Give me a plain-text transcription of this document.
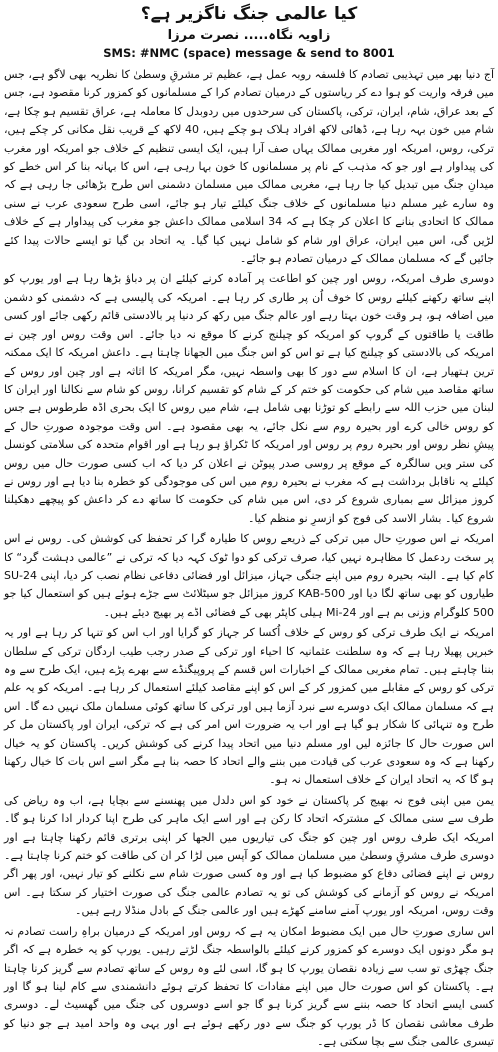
کیا عالمی جنگ ناگزیر ہے؟
زاویہ نگاہ..... نصرت مرزا
SMS: #NMC (space) message & send to 8001

آج دنیا بھر میں تہذیبی تصادم کا فلسفہ روبہ عمل ہے، عظیم تر مشرقِ وسطیٰ کا نظریہ بھی لاگو ہے، جس میں فرقہ واریت کو ہوا دے کر ریاستوں کے درمیان تصادم کرا کے مسلمانوں کو کمزور کرنا مقصود ہے، جس کے بعد عراق، شام، ایران، ترکی، پاکستان کی سرحدوں میں ردوبدل کا معاملہ ہے، عراق تقسیم ہو چکا ہے، شام میں خون بہہ رہا ہے، ڈھائی لاکھ افراد ہلاک ہو چکے ہیں، 40 لاکھ کے قریب نقل مکانی کر چکے ہیں، ترکی، روس، امریکہ اور مغربی ممالک یہاں صف آرا ہیں، ایک ایسی تنظیم کے خلاف جو امریکہ اور مغرب کی پیداوار ہے اور جو کہ مذہب کے نام پر مسلمانوں کا خون بہا رہی ہے، اس کا بہانہ بنا کر اس خطے کو میدانِ جنگ میں تبدیل کیا جا رہا ہے، مغربی ممالک میں مسلمان دشمنی اس طرح بڑھائی جا رہی ہے کہ وہ سارے غیر مسلم دنیا مسلمانوں کے خلاف جنگ کیلئے تیار ہو جائے، اسی طرح سعودی عرب نے سنی ممالک کا اتحادی بنانے کا اعلان کر چکا ہے کہ 34 اسلامی ممالک داعش جو مغرب کی پیداوار ہے کے خلاف لڑیں گی، اس میں ایران، عراق اور شام کو شامل نہیں کیا گیا۔ یہ اتحاد بن گیا تو ایسے حالات پیدا کئے جائیں گے کہ مسلمان ممالک کے درمیان تصادم ہو جائے۔

دوسری طرف امریکہ، روس اور چین کو اطاعت پر آمادہ کرنے کیلئے ان پر دباؤ بڑھا رہا ہے اور یورپ کو اپنے ساتھ رکھنے کیلئے روس کا خوف اُن پر طاری کر رہا ہے۔ امریکہ کی پالیسی ہے کہ دشمنی کو دشمن میں اضافہ ہو، ہر وقت خون بہتا رہے اور عالم جنگ میں رکھ کر دنیا پر بالادستی قائم رکھی جائے اور کسی طاقت یا طاقتوں کے گروپ کو امریکہ کو چیلنج کرنے کا موقع نہ دیا جائے۔ اس وقت روس اور چین نے امریکہ کی بالادستی کو چیلنج کیا ہے تو اس کو اس جنگ میں الجھانا چاہتا ہے۔ داعش امریکہ کا ایک ممکنہ ترین ہتھیار ہے، ان کا اسلام سے دور کا بھی واسطہ نہیں، مگر امریکہ کا اثاثہ ہے اور چین اور روس کے ساتھ مقاصد میں شام کی حکومت کو ختم کر کے شام کو تقسیم کرانا، روس کو شام سے نکالنا اور ایران کا لبنان میں حزب اللہ سے رابطے کو توڑنا بھی شامل ہے، شام میں روس کا ایک بحری اڈہ طرطوس ہے جس کو روس خالی کرے اور بحیرہ روم سے نکل جائے، یہ بھی مقصود ہے۔ اس وقت موجودہ صورتِ حال کے پیشِ نظر روس اور بحیرہ روم پر روس اور امریکہ کا ٹکراؤ ہو رہا ہے اور اقوام متحدہ کی سلامتی کونسل کی ستر ویں سالگرہ کے موقع پر روسی صدر پیوٹن نے اعلان کر دیا کہ اب کسی صورت حال میں روس کیلئے یہ ناقابل برداشت ہے کہ مغرب نے بحیرہ روم میں اس کی موجودگی کو خطرہ بنا دیا ہے اور روس نے کروز میزائل سے بمباری شروع کر دی، اس میں شام کی حکومت کا ساتھ دے کر داعش کو پیچھے دھکیلنا شروع کیا۔ بشار الاسد کی فوج کو ازسرِ نو منظم کیا۔

امریکہ نے اس صورتِ حال میں ترکی کے ذریعے روس کا طیارہ گرا کر تحفظ کی کوشش کی۔ روس نے اس پر سخت ردعمل کا مظاہرہ نہیں کیا، صرف ترکی کو دوا ٹوک کہہ دیا کہ ترکی نے ”عالمی دہشت گرد“ کا کام کیا ہے۔ البتہ بحیرہ روم میں اپنے جنگی جہاز، میزائل اور فضائی دفاعی نظام نصب کر دیا، اپنی SU-24 طیاروں کو بھی ساتھ لگا دیا اور KAB-500 کروز میزائل جو سیٹلائٹ سے جڑے ہوئے ہیں کو استعمال کیا جو 500 کلوگرام وزنی بم ہے اور Mi-24 ہیلی کاپٹر بھی کے فضائی اڈے پر بھیج دیئے ہیں۔

امریکہ نے ایک طرف ترکی کو روس کے خلاف اُکسا کر جہاز کو گرایا اور اب اس کو تنہا کر رہا ہے اور یہ خبریں پھیلا رہا ہے کہ وہ سلطنت عثمانیہ کا احیاء اور ترکی کے صدر رجب طیب اردگان ترکی کے سلطان بننا چاہتے ہیں۔ تمام مغربی ممالک کے اخبارات اس قسم کے پروپیگنڈے سے بھرے پڑے ہیں، ایک طرح سے وہ ترکی کو روس کے مقابلے میں کمزور کر کے اس کو اپنے مقاصد کیلئے استعمال کر رہا ہے۔ امریکہ کو یہ علم ہے کہ مسلمان ممالک ایک دوسرے سے نبرد آزما ہیں اور ترکی کا ساتھ کوئی مسلمان ملک نہیں دے گا۔ اس طرح وہ تنہائی کا شکار ہو گیا ہے اور اب یہ ضرورت اس امر کی ہے کہ ترکی، ایران اور پاکستان مل کر اس صورت حال کا جائزہ لیں اور مسلم دنیا میں اتحاد پیدا کرنے کی کوشش کریں۔ پاکستان کو یہ خیال رکھنا ہے کہ وہ سعودی عرب کی قیادت میں بننے والے اتحاد کا حصہ بنا ہے مگر اسے اس بات کا خیال رکھنا ہو گا کہ یہ اتحاد ایران کے خلاف استعمال نہ ہو۔

یمن میں اپنی فوج نہ بھیج کر پاکستان نے خود کو اس دلدل میں پھنسنے سے بچایا ہے، اب وہ ریاض کی طرف سے سنی ممالک کے مشترکہ اتحاد کا رکن ہے اور اسے ایک ماہر کی طرح اپنا کردار ادا کرنا ہو گا۔ امریکہ ایک طرف روس اور چین کو جنگ کی تیاریوں میں الجھا کر اپنی برتری قائم رکھنا چاہتا ہے اور دوسری طرف مشرقِ وسطیٰ میں مسلمان ممالک کو آپس میں لڑا کر ان کی طاقت کو ختم کرنا چاہتا ہے۔ روس نے اپنے فضائی دفاع کو مضبوط کیا ہے اور وہ کسی صورت شام سے نکلنے کو تیار نہیں، اور پھر اگر امریکہ نے روس کو آزمانے کی کوشش کی تو یہ تصادم عالمی جنگ کی صورت اختیار کر سکتا ہے۔ اس وقت روس، امریکہ اور یورپ آمنے سامنے کھڑے ہیں اور عالمی جنگ کے بادل منڈلا رہے ہیں۔

اس ساری صورتِ حال میں ایک مضبوط امکان یہ ہے کہ روس اور امریکہ کے درمیان براہِ راست تصادم نہ ہو مگر دونوں ایک دوسرے کو کمزور کرنے کیلئے بالواسطہ جنگ لڑتے رہیں۔ یورپ کو یہ خطرہ ہے کہ اگر جنگ چھڑی تو سب سے زیادہ نقصان یورپ کا ہو گا، اسی لئے وہ روس کے ساتھ تصادم سے گریز کرنا چاہتا ہے۔ پاکستان کو اس صورت حال میں اپنے مفادات کا تحفظ کرتے ہوئے دانشمندی سے کام لینا ہو گا اور کسی ایسے اتحاد کا حصہ بننے سے گریز کرنا ہو گا جو اسے دوسروں کی جنگ میں گھسیٹ لے۔ دوسری طرف معاشی نقصان کا ڈر یورپ کو جنگ سے دور رکھے ہوئے ہے اور یہی وہ واحد امید ہے جو دنیا کو تیسری عالمی جنگ سے بچا سکتی ہے۔
